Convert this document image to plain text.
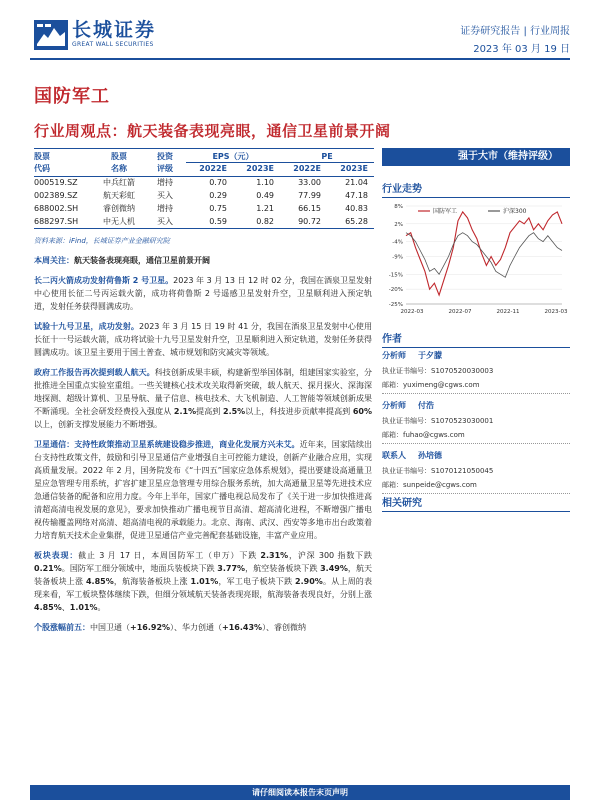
长城证券
GREAT WALL SECURITIES
证券研究报告 | 行业周报
2023 年 03 月 19 日
国防军工
行业周观点：航天装备表现亮眼，通信卫星前景开阔
股票	股票	投资	EPS（元）		PE	
代码	名称	评级	2022E	2023E	2022E	2023E
000519.SZ	中兵红箭	增持	0.70	1.10	33.00	21.04
002389.SZ	航天彩虹	买入	0.29	0.49	77.99	47.18
688002.SH	睿创微纳	增持	0.75	1.21	66.15	40.83
688297.SH	中无人机	买入	0.59	0.82	90.72	65.28
资料来源：iFind，长城证券产业金融研究院
强于大市（维持评级）
行业走势
8%
2%
-4%
-9%
-15%
-20%
-25%
2022-03	2022-07	2022-11	2023-03
国防军工	沪深300
作者
分析师 于夕朦
执业证书编号：S1070520030003
邮箱：yuximeng@cgws.com
分析师 付浩
执业证书编号：S1070523030001
邮箱：fuhao@cgws.com
联系人 孙培德
执业证书编号：S1070121050045
邮箱：sunpeide@cgws.com
相关研究
本周关注：航天装备表现亮眼，通信卫星前景开阔
长二丙火箭成功发射荷鲁斯 2 号卫星。2023 年 3 月 13 日 12 时 02 分，我国在酒泉卫星发射中心使用长征二号丙运载火箭，成功将荷鲁斯 2 号遥感卫星发射升空，卫星顺利进入预定轨道，发射任务获得圆满成功。
试验十九号卫星，成功发射。2023 年 3 月 15 日 19 时 41 分，我国在酒泉卫星发射中心使用长征十一号运载火箭，成功将试验十九号卫星发射升空，卫星顺利进入预定轨道，发射任务获得圆满成功。该卫星主要用于国土普查、城市规划和防灾减灾等领域。
政府工作报告再次提到载人航天。科技创新成果丰硕，构建新型举国体制，组建国家实验室，分批推进全国重点实验室重组。一些关键核心技术攻关取得新突破，载人航天、探月探火、深海深地探测、超级计算机、卫星导航、量子信息、核电技术、大飞机制造、人工智能等领域创新成果不断涌现。全社会研发经费投入强度从 2.1%提高到 2.5%以上，科技进步贡献率提高到 60%以上，创新支撑发展能力不断增强。
卫星通信：支持性政策推动卫星系统建设稳步推进，商业化发展方兴未艾。近年来，国家陆续出台支持性政策文件，鼓励和引导卫星通信产业增强自主可控能力建设，创新产业融合应用，实现高质量发展。2022 年 2 月，国务院发布《“十四五”国家应急体系规划》，提出要建设高通量卫星应急管理专用系统，扩容扩建卫星应急管理专用综合服务系统，加大高通量卫星等先进技术应急通信装备的配备和应用力度。今年上半年，国家广播电视总局发布了《关于进一步加快推进高清超高清电视发展的意见》，要求加快推动广播电视节目高清、超高清化进程，不断增强广播电视传输覆盖网络对高清、超高清电视的承载能力。北京、海南、武汉、西安等多地市出台政策着力培育航天技术企业集群，促进卫星通信产业完善配套基础设施，丰富产业应用。
板块表现：截止 3 月 17 日，本周国防军工（申万）下跌 2.31%，沪深 300 指数下跌 0.21%。国防军工细分领域中，地面兵装板块下跌 3.77%，航空装备板块下跌 3.49%，航天装备板块上涨 4.85%，航海装备板块上涨 1.01%，军工电子板块下跌 2.90%。从上周的表现来看，军工板块整体继续下跌，但细分领域航天装备表现亮眼，航海装备表现良好，分别上涨 4.85%、1.01%。
个股涨幅前五：中国卫通（+16.92%）、华力创通（+16.43%）、睿创微纳
请仔细阅读本报告末页声明
